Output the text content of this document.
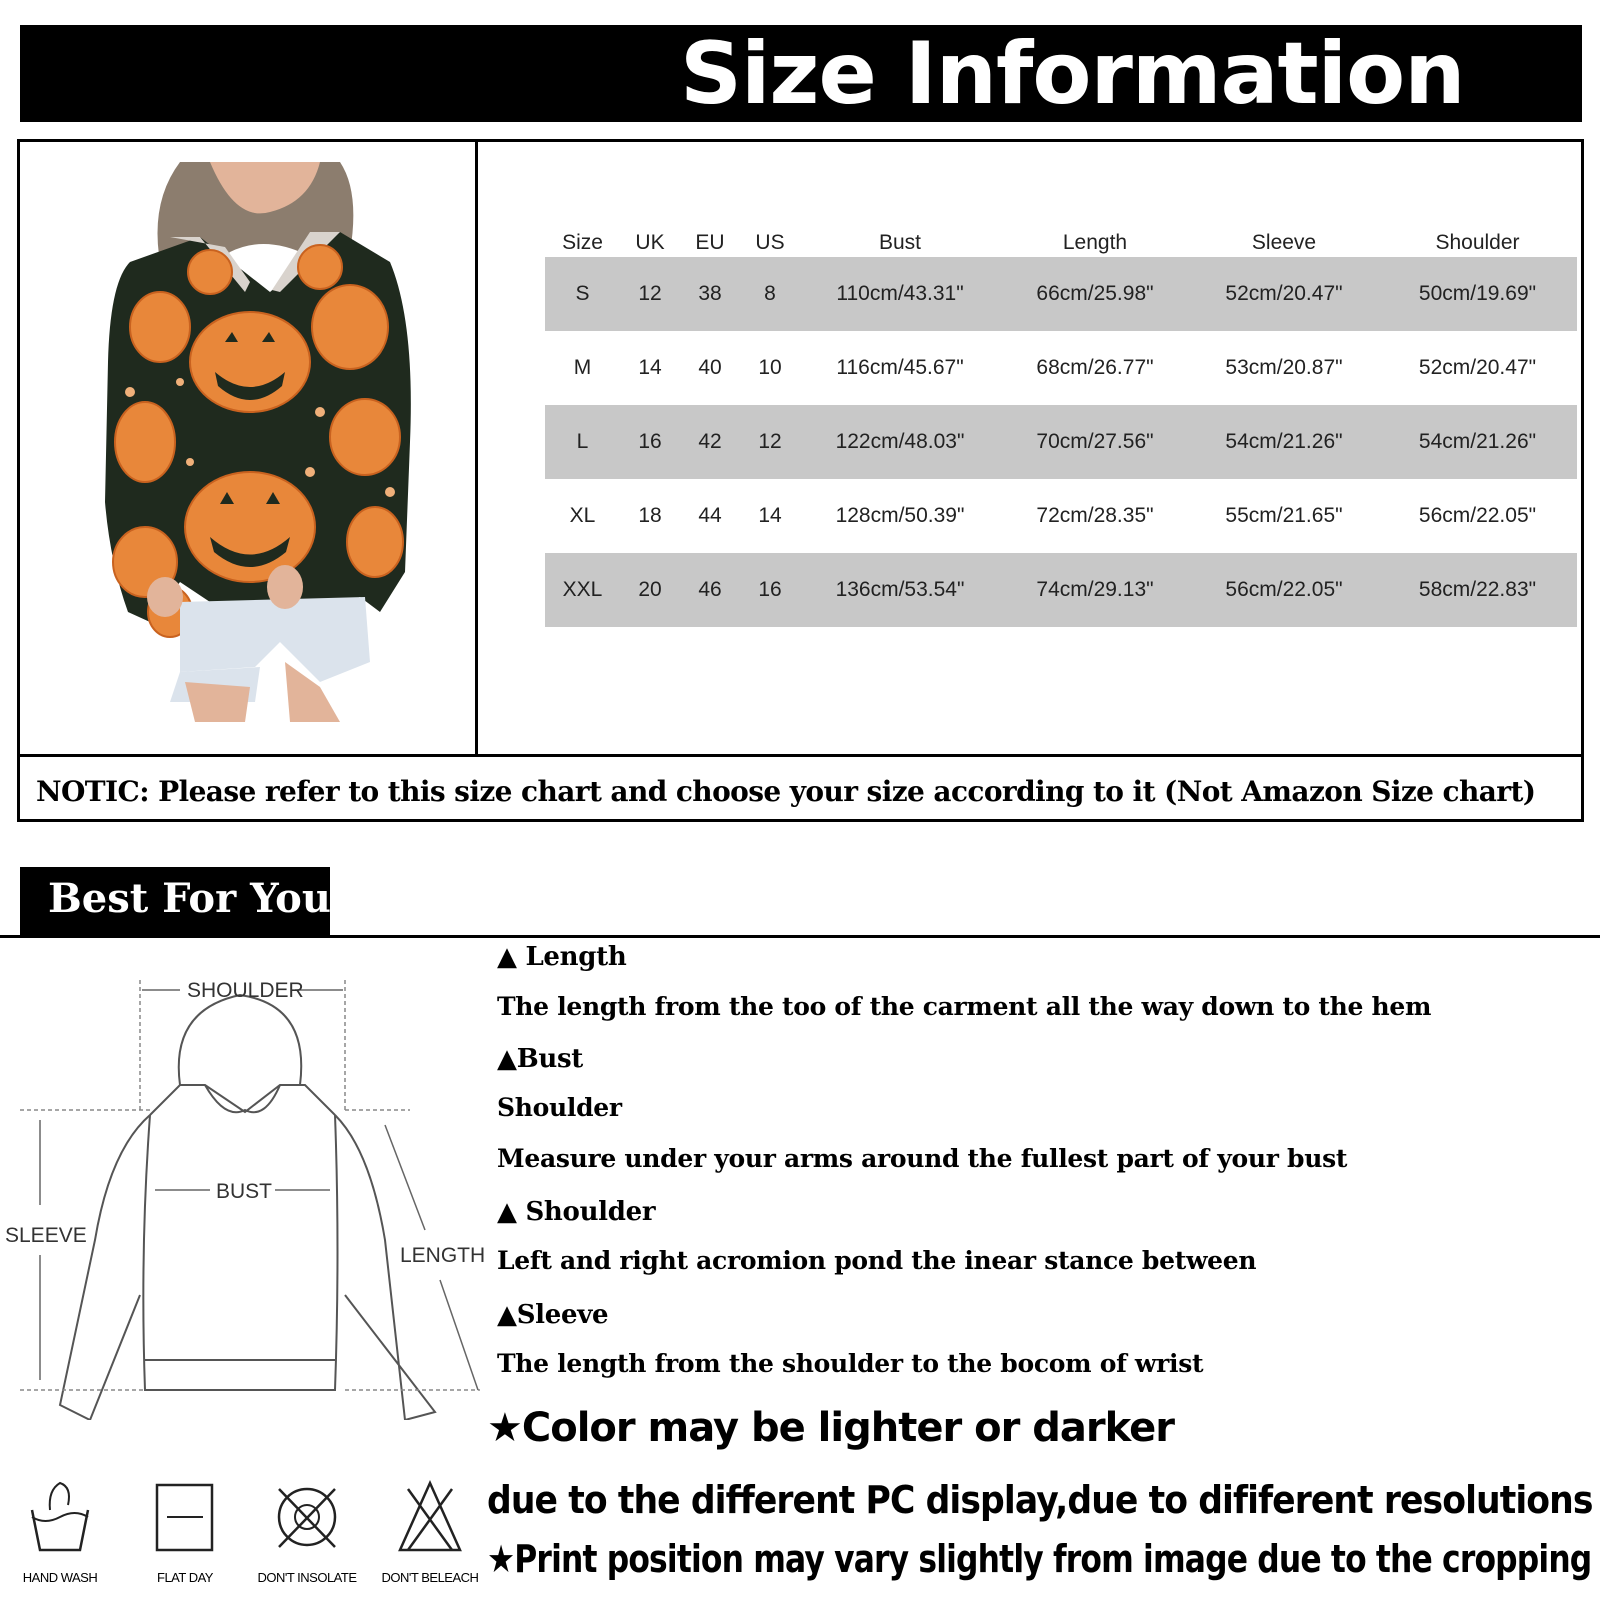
Size Information
Size	UK	EU	US	Bust	Length	Sleeve	Shoulder
S	12	38	8	110cm/43.31"	66cm/25.98"	52cm/20.47"	50cm/19.69"
M	14	40	10	116cm/45.67"	68cm/26.77"	53cm/20.87"	52cm/20.47"
L	16	42	12	122cm/48.03"	70cm/27.56"	54cm/21.26"	54cm/21.26"
XL	18	44	14	128cm/50.39"	72cm/28.35"	55cm/21.65"	56cm/22.05"
XXL	20	46	16	136cm/53.54"	74cm/29.13"	56cm/22.05"	58cm/22.83"
NOTIC: Please refer to this size chart and choose your size according to it (Not Amazon Size chart)
Best For You
SHOULDER
BUST
SLEEVE
LENGTH
HAND WASH	FLAT DAY	DON'T INSOLATE	DON'T BELEACH
▲ Length
The length from the too of the carment all the way down to the hem
▲Bust
Shoulder
Measure under your arms around the fullest part of your bust
▲ Shoulder
Left and right acromion pond the inear stance between
▲Sleeve
The length from the shoulder to the bocom of wrist
★Color may be lighter or darker
due to the different PC display,due to dififerent resolutions
★Print position may vary slightly from image due to the cropping
